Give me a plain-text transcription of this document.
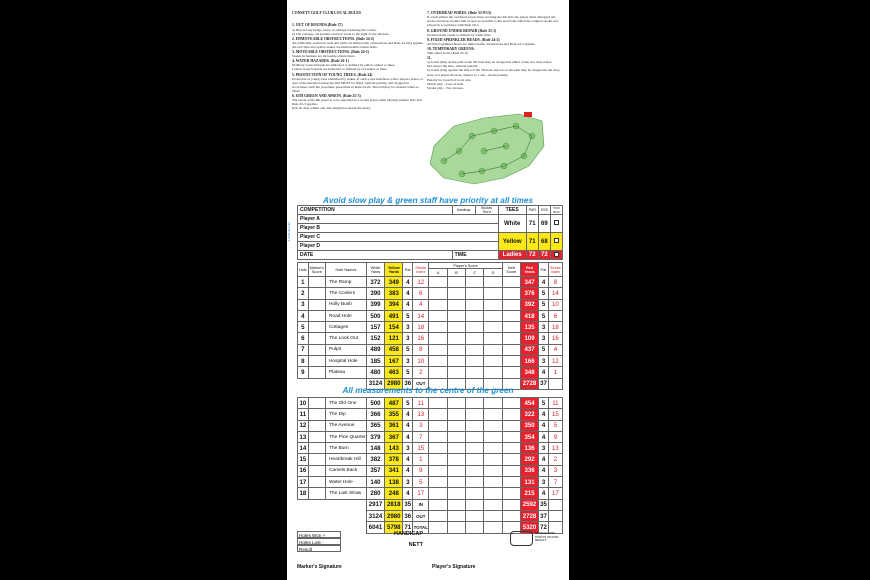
CONSETT GOLF CLUB LOCAL RULES

1. OUT OF BOUNDS.(Rule 27)
a) Beyond any hedge, fence or railings bordering the course.
b) The cottages, all gardens and rear yards to the right of the 4th hole.
2. IMMOVEABLE OBSTRUCTIONS. (Rule 24-2)
All artificially surfaced roads and paths are immovable obstructions and Rule 24-2(b) applies.
All red, blue and yellow stakes are immoveable obstructions.
3. MOVEABLE OBSTRUCTIONS. (Rule 24-1)
Stones in bunkers are moveable obstructions.
4. WATER HAZARDS. (Rule 26-1)
Ordinary water hazards are indicated or defined by yellow stakes or lines.
Lateral water hazards are indicated or defined by red stakes or lines.
5. PROTECTION OF YOUNG TREES. (Rule 24)
Protection of young trees identified by stakes. If such a tree interferes with a players stance or area of his intended swing the ball MUST be lifted, without penalty, and dropped in accordance with the procedure prescribed in Rule 24-2b. The ball may be cleaned when so lifted.
6. 6TH GREEN AND APRON. (Rule 25-3)
The apron at the 6th green is to be regarded as a wrong green when playing another hole and Rule 25-3 applies.
(Lift & drop within one club length not nearer the hole).

7. OVERHEAD WIRES. (Rule 33-8/13)
If a ball strikes the overhead power lines crossing the 4th hole the player must disregard the stroke and drop another ball as near as possible to the spot from which the original stroke was played in accordance with Rule 20-5.
8. GROUND UNDER REPAIR (Rule 25-1)
Ground under repair is defined by white lines.
9. FIXED SPRINKLER HEADS. (Rule 24-2)
All fixed sprinkler heads are immoveable obstructions and Rule 24-2 applies.
10. TEMPORARY GREENS.
Take relief from. (Rule 25-3)
11.
a) A ball lying on the path at the 5th hole may be dropped in either of the two drop zones.
Not nearer the hole, without penalty.
b) A ball lying against the fence at the 5th hole and not on the path may be dropped in the drop zone, not nearer the hole, subject to a one - stroke penalty.
Penalty for breach of local rule.
Match play - Loss of hole.
Stroke play - Two strokes.

4 ONE Brooke
Avoid slow play & green staff have priority at all times
COMPETITION	Handicap	Strokes Rec'd	TEES	PAR	SSS	TICK BOX
Player A			White	71	69	
Player B						
Player C			Yellow	71	68	
Player D						
DATE	TIME		Ladies	72	72	
Hole	Marker's Score	Hole Names	White Yards	Yellow Yards	Par	Stroke Index	Player's Score				Nett Score	Red Yards	Par	Stroke Index
							A	B	C	D				
1		The Ramp	372	349	4	12						347	4	8
2		The Coolers	390	383	4	6						376	5	14
3		Holly Bush	399	394	4	4						392	5	10
4		Road Hole	500	491	5	14						418	5	6
5		Cottages	157	154	3	18						135	3	18
6		The Look Out	152	121	3	16						109	3	16
7		Pulpit	489	458	5	8						437	5	4
8		Hospital Hole	185	167	3	10						166	3	12
9		Plateau	480	463	5	2						348	4	1
			3124	2980	36	OUT						2728	37	

10		The Old One	500	487	5	11						454	5	11
11		The Dip	366	355	4	13						322	4	15
12		The Avenue	365	361	4	3						350	4	5
13		The Pine Quarter	379	367	4	7						354	4	9
14		The Burn	148	143	3	15						136	3	13
15		Heartbreak Hill	382	378	4	1						292	4	2
16		Camels Back	357	341	4	9						336	4	3
17		Water Hole	140	138	3	5						131	3	7
18		The Last Straw	280	248	4	17						215	4	17
			2917	2818	35	IN						2592	35	
			3124	2980	36	OUT						2728	37	
			6041	5798	71	TOTAL						5320	72	
All measurements to the centre of the green
Holes Won +
Holes Lost -
Result
HANDICAP
NETT
STABLEFORD POINTS OR PAR RESULT
Marker's Signature	Player's Signature
